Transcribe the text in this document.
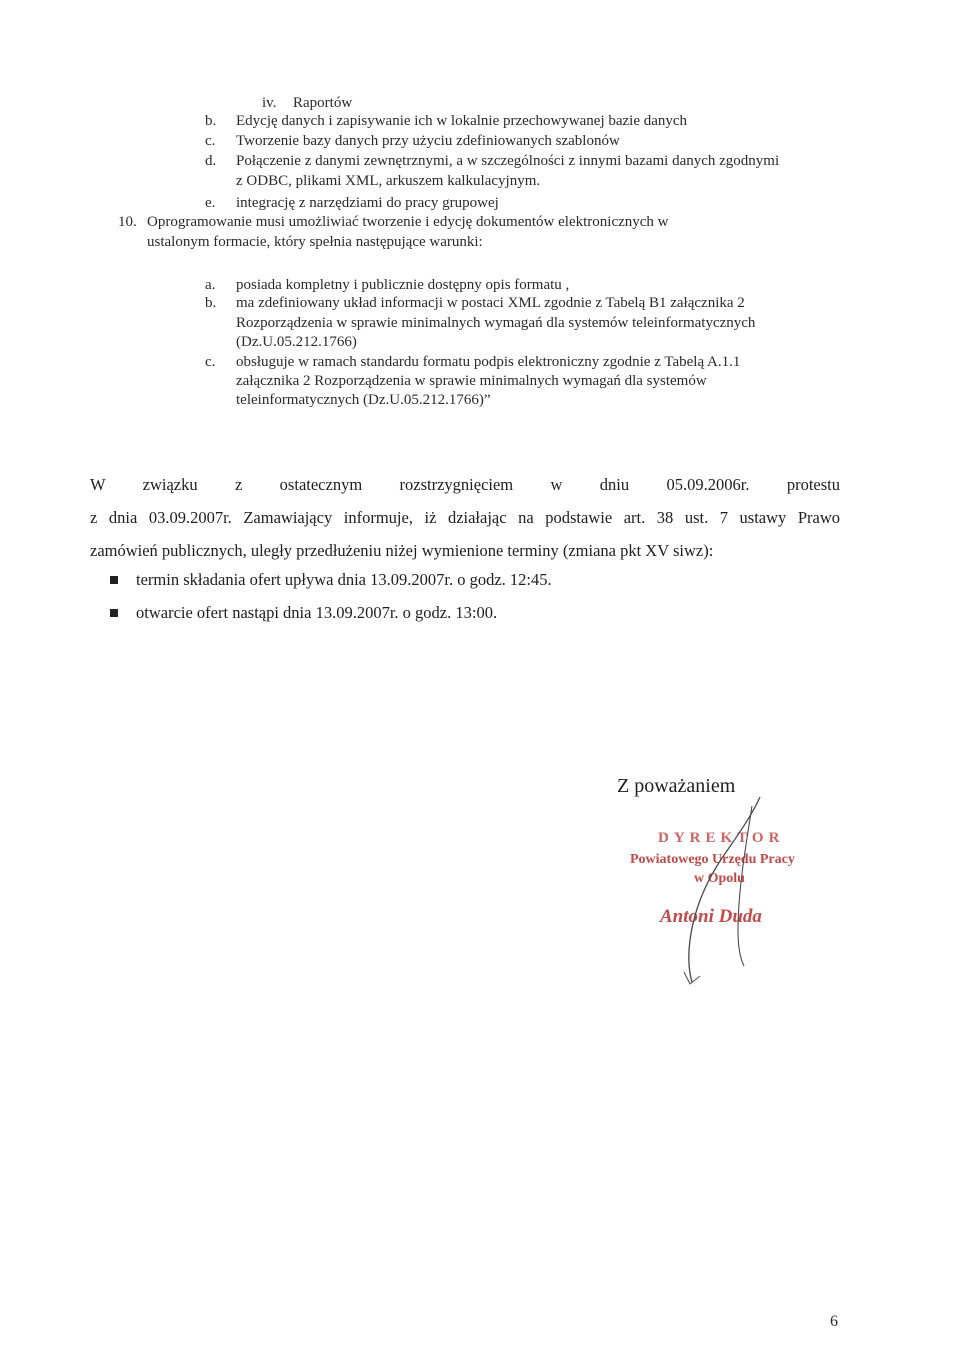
iv. Raportów
b. Edycję danych i zapisywanie ich w lokalnie przechowywanej bazie danych
c. Tworzenie bazy danych przy użyciu zdefiniowanych szablonów
d. Połączenie z danymi zewnętrznymi, a w szczególności z innymi bazami danych zgodnymi
z ODBC, plikami XML, arkuszem kalkulacyjnym.
e. integrację z narzędziami do pracy grupowej
10. Oprogramowanie musi umożliwiać tworzenie i edycję dokumentów elektronicznych w
ustalonym formacie, który spełnia następujące warunki:
a. posiada kompletny i publicznie dostępny opis formatu ,
b. ma zdefiniowany układ informacji w postaci XML zgodnie z Tabelą B1 załącznika 2
Rozporządzenia w sprawie minimalnych wymagań dla systemów teleinformatycznych
(Dz.U.05.212.1766)
c. obsługuje w ramach standardu formatu podpis elektroniczny zgodnie z Tabelą A.1.1
załącznika 2 Rozporządzenia w sprawie minimalnych wymagań dla systemów
teleinformatycznych (Dz.U.05.212.1766)”
W związku z ostatecznym rozstrzygnięciem w dniu 05.09.2006r. protestu
z dnia 03.09.2007r. Zamawiający informuje, iż działając na podstawie art. 38 ust. 7 ustawy Prawo
zamówień publicznych, uległy przedłużeniu niżej wymienione terminy (zmiana pkt XV siwz):
termin składania ofert upływa dnia 13.09.2007r. o godz. 12:45.
otwarcie ofert nastąpi dnia 13.09.2007r. o godz. 13:00.
Z poważaniem
DYREKTOR
Powiatowego Urzędu Pracy
w Opolu
Antoni Duda
6
